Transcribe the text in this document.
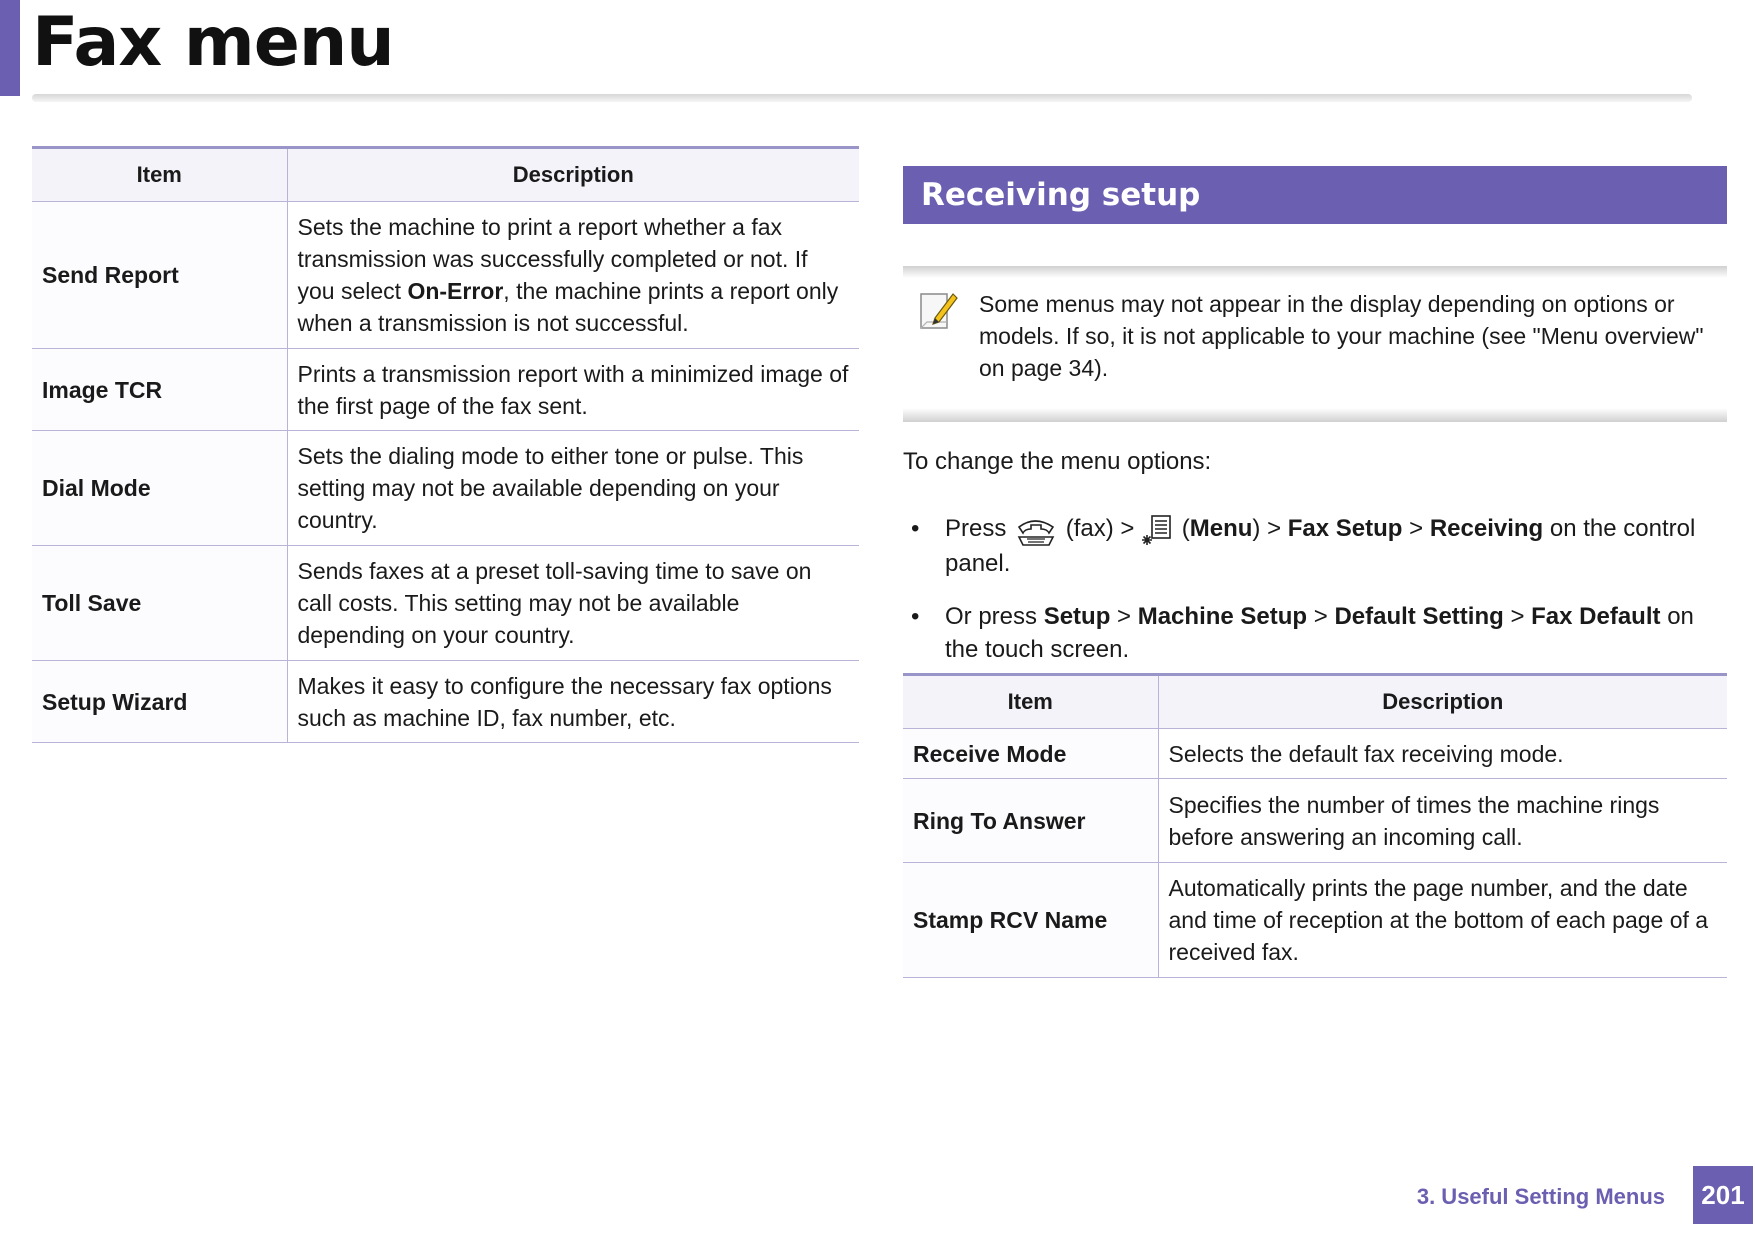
Fax menu
Item	Description
Send Report	Sets the machine to print a report whether a fax transmission was successfully completed or not. If you select On-Error, the machine prints a report only when a transmission is not successful.
Image TCR	Prints a transmission report with a minimized image of the first page of the fax sent.
Dial Mode	Sets the dialing mode to either tone or pulse. This setting may not be available depending on your country.
Toll Save	Sends faxes at a preset toll-saving time to save on call costs. This setting may not be available depending on your country.
Setup Wizard	Makes it easy to configure the necessary fax options such as machine ID, fax number, etc.
Receiving setup

Some menus may not appear in the display depending on options or models. If so, it is not applicable to your machine (see "Menu overview" on page 34).

To change the menu options:

• Press (fax) > (Menu) > Fax Setup > Receiving on the control panel.
• Or press Setup > Machine Setup > Default Setting > Fax Default on the touch screen.
Item	Description
Receive Mode	Selects the default fax receiving mode.
Ring To Answer	Specifies the number of times the machine rings before answering an incoming call.
Stamp RCV Name	Automatically prints the page number, and the date and time of reception at the bottom of each page of a received fax.
3. Useful Setting Menus	201
